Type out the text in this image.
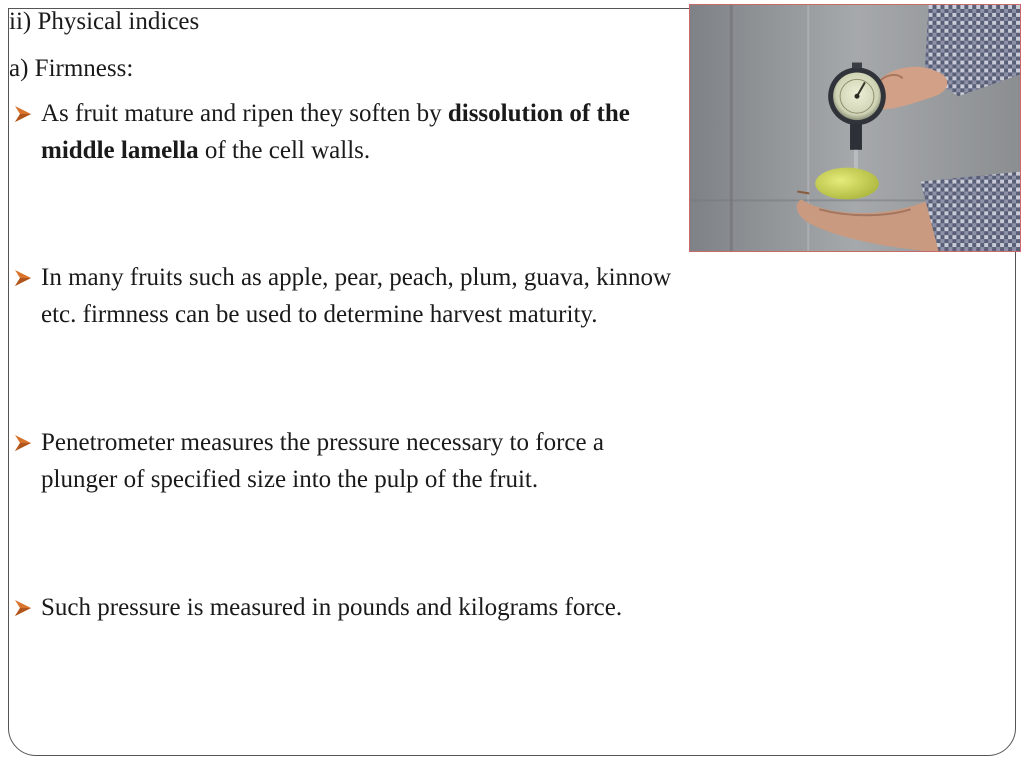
ii) Physical indices
a) Firmness:
As fruit mature and ripen they soften by dissolution of the middle lamella of the cell walls.
In many fruits such as apple, pear, peach, plum, guava, kinnow etc. firmness can be used to determine harvest maturity.
Penetrometer measures the pressure necessary to force a plunger of specified size into the pulp of the fruit.
Such pressure is measured in pounds and kilograms force.
